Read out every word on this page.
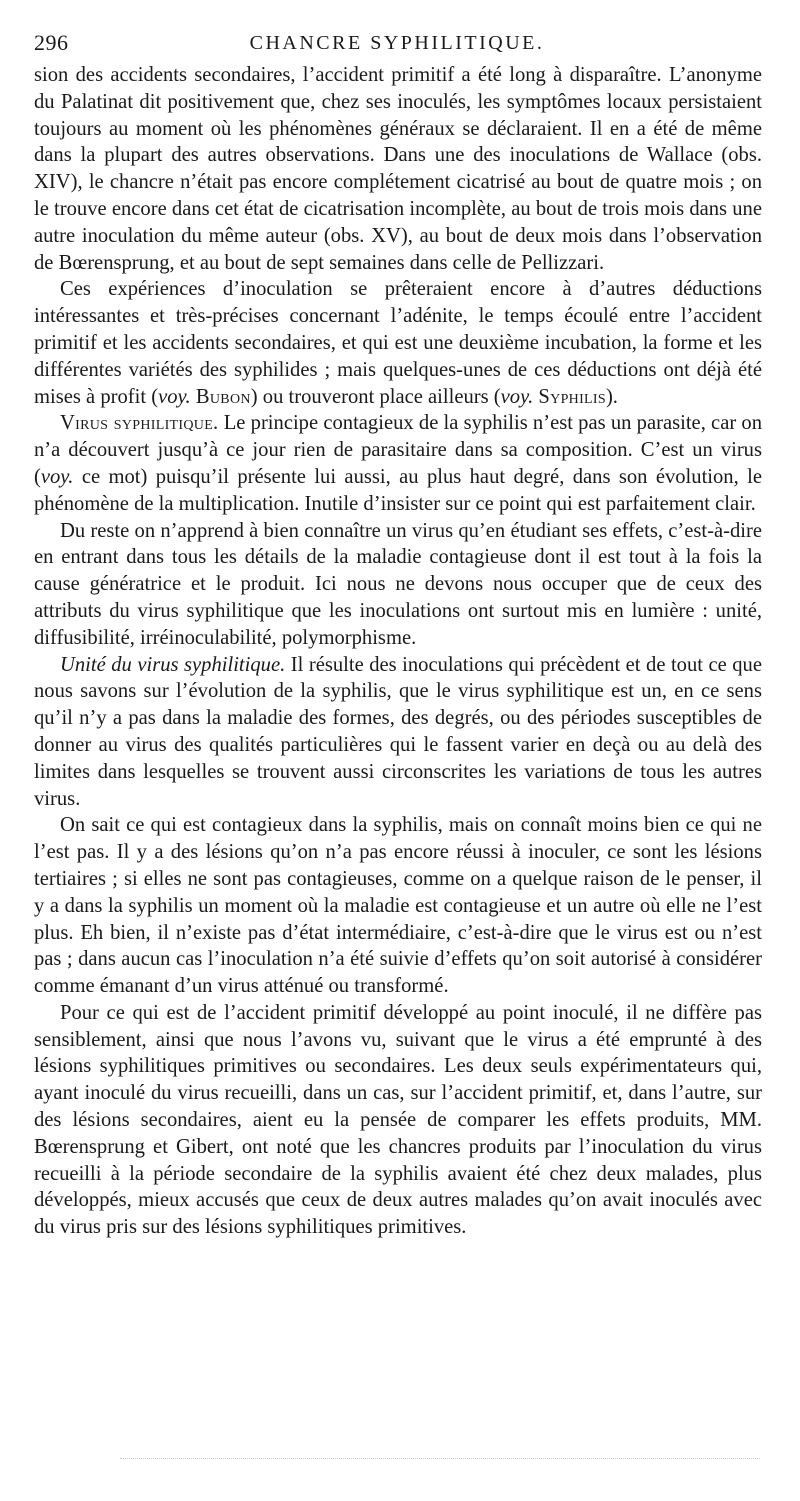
296	CHANCRE SYPHILITIQUE.

sion des accidents secondaires, l’accident primitif a été long à disparaître. L’anonyme du Palatinat dit positivement que, chez ses inoculés, les symptômes locaux persistaient toujours au moment où les phénomènes généraux se déclaraient. Il en a été de même dans la plupart des autres observations. Dans une des inoculations de Wallace (obs. XIV), le chancre n’était pas encore complétement cicatrisé au bout de quatre mois ; on le trouve encore dans cet état de cicatrisation incomplète, au bout de trois mois dans une autre inoculation du même auteur (obs. XV), au bout de deux mois dans l’observation de Bœrensprung, et au bout de sept semaines dans celle de Pellizzari.

Ces expériences d’inoculation se prêteraient encore à d’autres déductions intéressantes et très-précises concernant l’adénite, le temps écoulé entre l’accident primitif et les accidents secondaires, et qui est une deuxième incubation, la forme et les différentes variétés des syphilides ; mais quelques-unes de ces déductions ont déjà été mises à profit (voy. Bubon) ou trouveront place ailleurs (voy. Syphilis).

Virus syphilitique. Le principe contagieux de la syphilis n’est pas un parasite, car on n’a découvert jusqu’à ce jour rien de parasitaire dans sa composition. C’est un virus (voy. ce mot) puisqu’il présente lui aussi, au plus haut degré, dans son évolution, le phénomène de la multiplication. Inutile d’insister sur ce point qui est parfaitement clair.

Du reste on n’apprend à bien connaître un virus qu’en étudiant ses effets, c’est-à-dire en entrant dans tous les détails de la maladie contagieuse dont il est tout à la fois la cause génératrice et le produit. Ici nous ne devons nous occuper que de ceux des attributs du virus syphilitique que les inoculations ont surtout mis en lumière : unité, diffusibilité, irréinoculabilité, polymorphisme.

Unité du virus syphilitique. Il résulte des inoculations qui précèdent et de tout ce que nous savons sur l’évolution de la syphilis, que le virus syphilitique est un, en ce sens qu’il n’y a pas dans la maladie des formes, des degrés, ou des périodes susceptibles de donner au virus des qualités particulières qui le fassent varier en deçà ou au delà des limites dans lesquelles se trouvent aussi circonscrites les variations de tous les autres virus.

On sait ce qui est contagieux dans la syphilis, mais on connaît moins bien ce qui ne l’est pas. Il y a des lésions qu’on n’a pas encore réussi à inoculer, ce sont les lésions tertiaires ; si elles ne sont pas contagieuses, comme on a quelque raison de le penser, il y a dans la syphilis un moment où la maladie est contagieuse et un autre où elle ne l’est plus. Eh bien, il n’existe pas d’état intermédiaire, c’est-à-dire que le virus est ou n’est pas ; dans aucun cas l’inoculation n’a été suivie d’effets qu’on soit autorisé à considérer comme émanant d’un virus atténué ou transformé.

Pour ce qui est de l’accident primitif développé au point inoculé, il ne diffère pas sensiblement, ainsi que nous l’avons vu, suivant que le virus a été emprunté à des lésions syphilitiques primitives ou secondaires. Les deux seuls expérimentateurs qui, ayant inoculé du virus recueilli, dans un cas, sur l’accident primitif, et, dans l’autre, sur des lésions secondaires, aient eu la pensée de comparer les effets produits, MM. Bœrensprung et Gibert, ont noté que les chancres produits par l’inoculation du virus recueilli à la période secondaire de la syphilis avaient été chez deux malades, plus développés, mieux accusés que ceux de deux autres malades qu’on avait inoculés avec du virus pris sur des lésions syphilitiques primitives.
